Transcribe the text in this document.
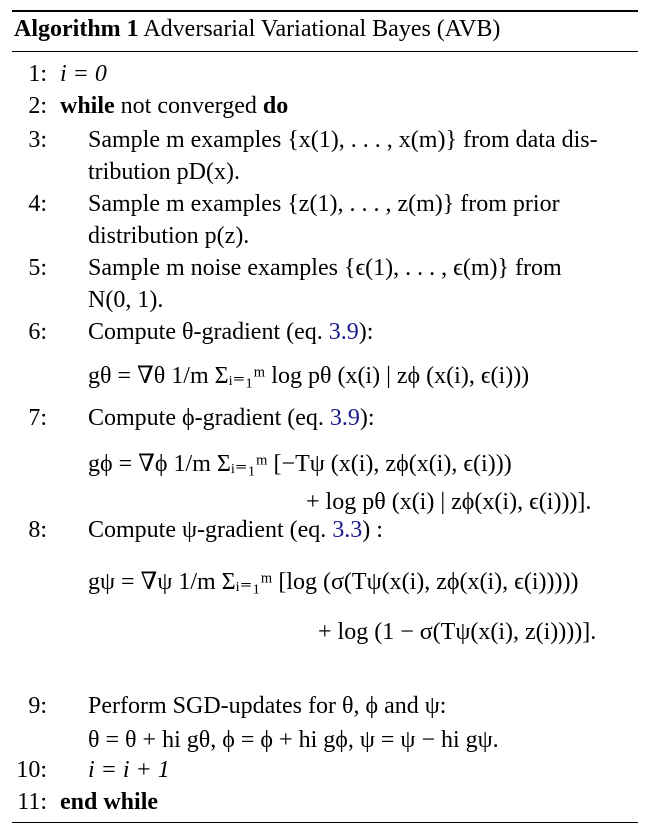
Algorithm 1 Adversarial Variational Bayes (AVB)
1: i = 0
2: while not converged do
3: Sample m examples {x(1), . . . , x(m)} from data dis-
tribution pD(x).
4: Sample m examples {z(1), . . . , z(m)} from prior
distribution p(z).
5: Sample m noise examples {ϵ(1), . . . , ϵ(m)} from
N(0, 1).
6: Compute θ-gradient (eq. 3.9):
gθ = ∇θ 1/m Σᵢ₌₁ᵐ log pθ (x(i) | zϕ (x(i), ϵ(i)))
7: Compute ϕ-gradient (eq. 3.9):
gϕ = ∇ϕ 1/m Σᵢ₌₁ᵐ [−Tψ (x(i), zϕ(x(i), ϵ(i)))
+ log pθ (x(i) | zϕ(x(i), ϵ(i)))].
8: Compute ψ-gradient (eq. 3.3) :
gψ = ∇ψ 1/m Σᵢ₌₁ᵐ [log (σ(Tψ(x(i), zϕ(x(i), ϵ(i)))))
+ log (1 − σ(Tψ(x(i), z(i))))].
9: Perform SGD-updates for θ, ϕ and ψ:
θ = θ + hi gθ, ϕ = ϕ + hi gϕ, ψ = ψ − hi gψ.
10: i = i + 1
11: end while
